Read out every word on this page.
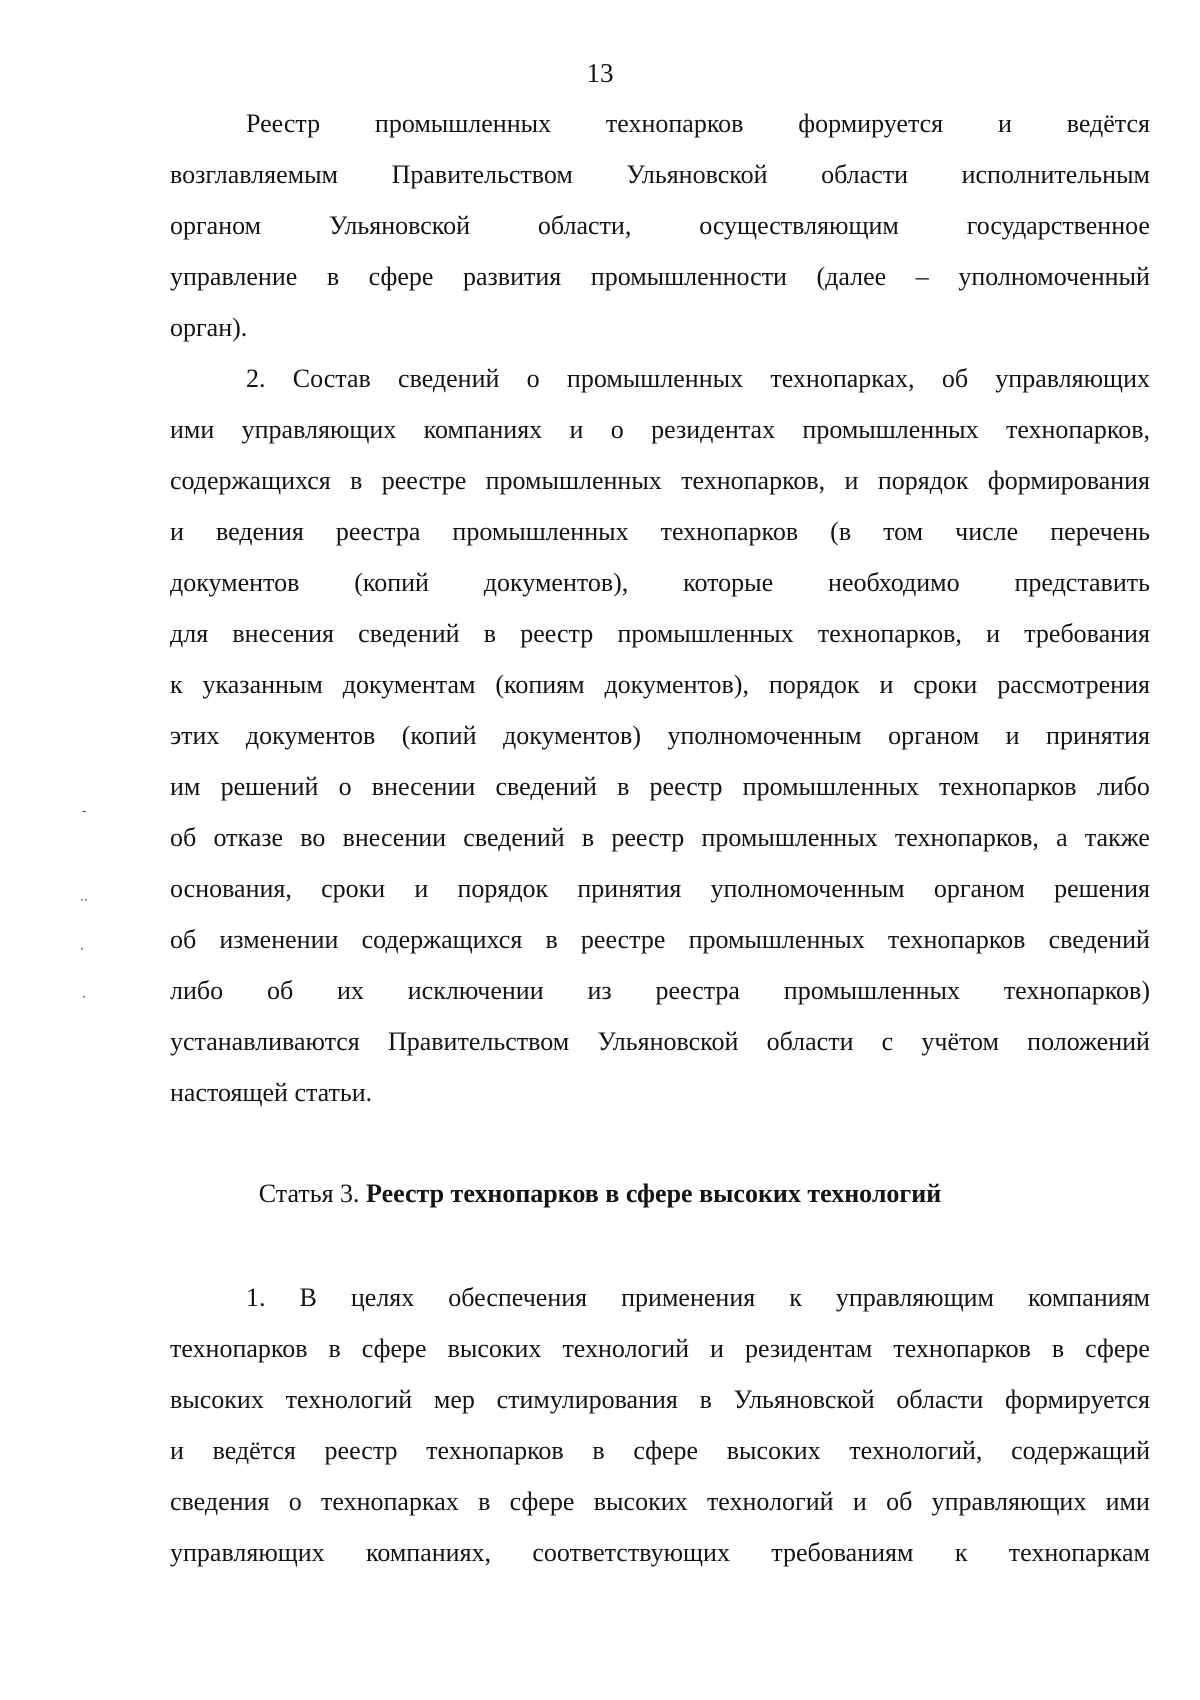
13
Реестр промышленных технопарков формируется и ведётся
возглавляемым Правительством Ульяновской области исполнительным
органом	Ульяновской	области,	осуществляющим	государственное
управление в сфере развития промышленности (далее – уполномоченный
орган).
2. Состав сведений о промышленных технопарках, об управляющих
ими управляющих компаниях и о резидентах промышленных технопарков,
содержащихся в реестре промышленных технопарков, и порядок формирования
и ведения реестра промышленных технопарков (в том числе перечень
документов (копий документов), которые необходимо представить
для внесения сведений в реестр промышленных технопарков, и требования
к указанным документам (копиям документов), порядок и сроки рассмотрения
этих документов (копий документов) уполномоченным органом и принятия
им решений о внесении сведений в реестр промышленных технопарков либо
об отказе во внесении сведений в реестр промышленных технопарков, а также
основания, сроки и порядок принятия уполномоченным органом решения
об изменении содержащихся в реестре промышленных технопарков сведений
либо об их исключении из реестра промышленных технопарков)
устанавливаются Правительством Ульяновской области с учётом положений
настоящей статьи.
Статья 3. Реестр технопарков в сфере высоких технологий
1. В целях обеспечения применения к управляющим компаниям
технопарков в сфере высоких технологий и резидентам технопарков в сфере
высоких технологий мер стимулирования в Ульяновской области формируется
и ведётся реестр технопарков в сфере высоких технологий, содержащий
сведения о технопарках в сфере высоких технологий и об управляющих ими
управляющих компаниях, соответствующих требованиям к технопаркам
-
··
·
·
